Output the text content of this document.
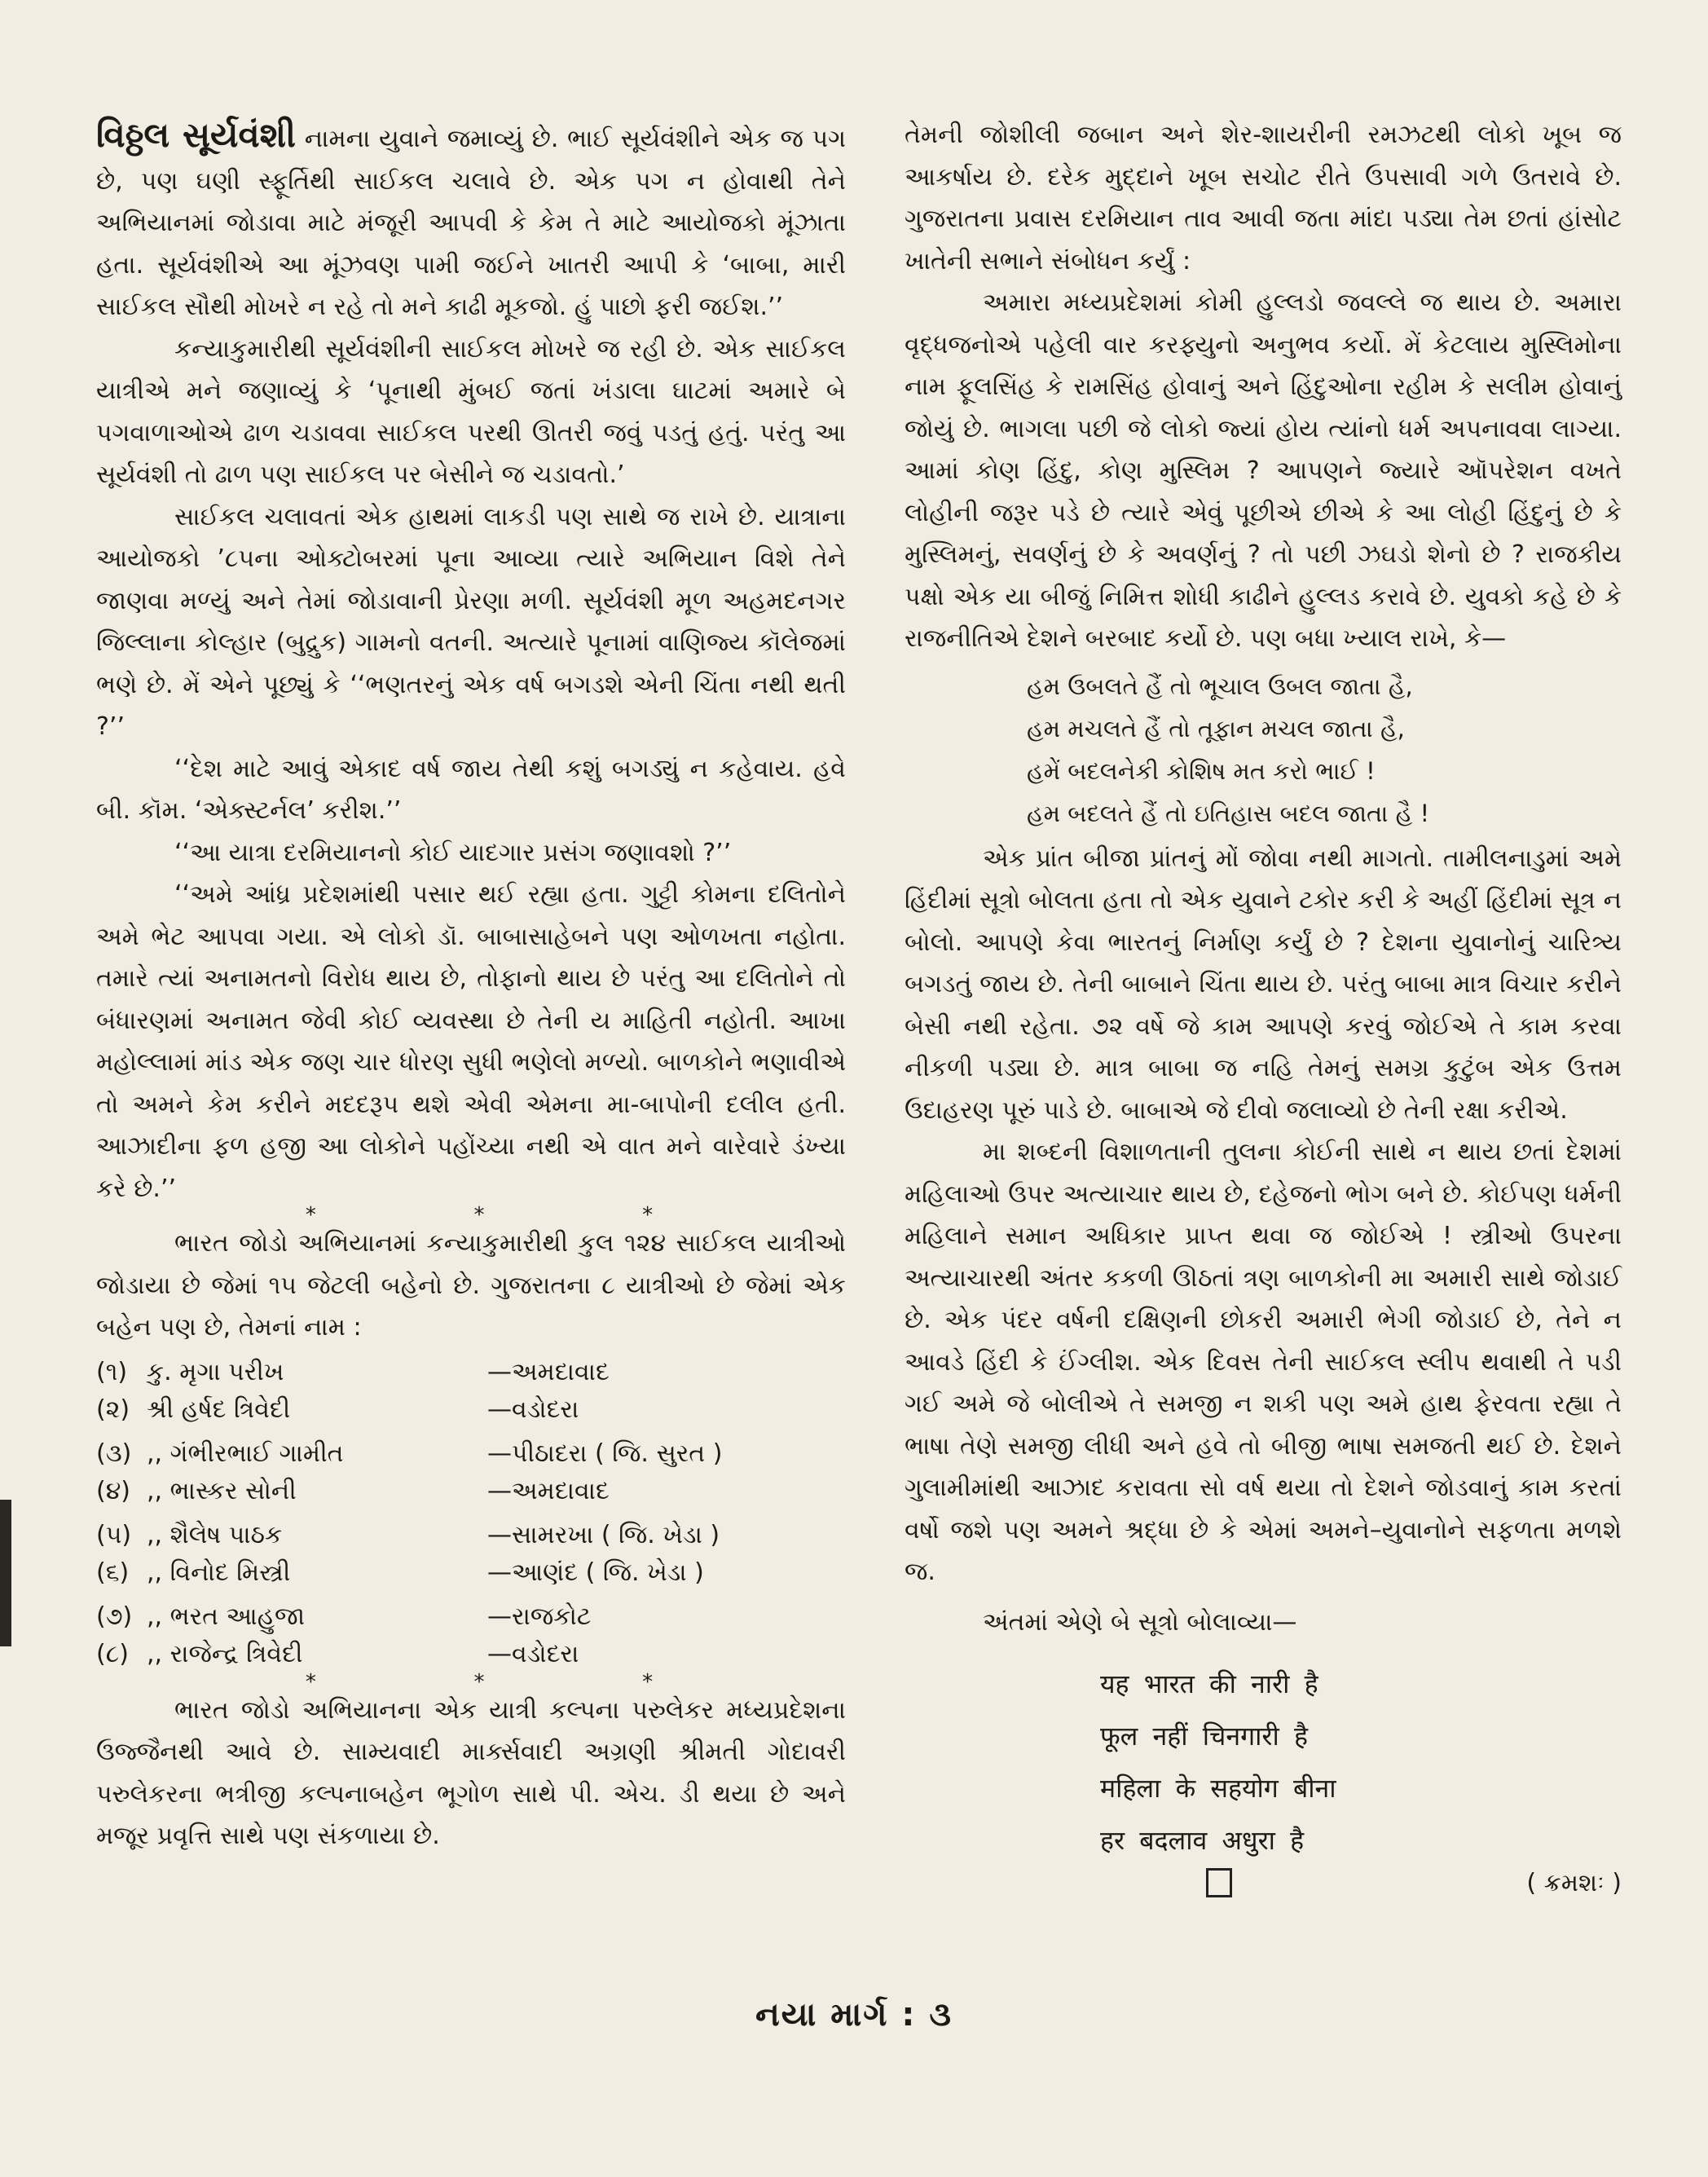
વિઠ્ઠલ સૂર્યવંશી નામના યુવાને જમાવ્યું છે. ભાઈ સૂર્યવંશીને એક જ પગ છે, પણ ઘણી સ્ફૂર્તિથી સાઈકલ ચલાવે છે. એક પગ ન હોવાથી તેને અભિયાનમાં જોડાવા માટે મંજૂરી આપવી કે કેમ તે માટે આયોજકો મૂંઝાતા હતા. સૂર્યવંશીએ આ મૂંઝવણ પામી જઈને ખાતરી આપી કે ‘બાબા, મારી સાઈકલ સૌથી મોખરે ન રહે તો મને કાઢી મૂકજો. હું પાછો ફરી જઈશ.’’

કન્યાકુમારીથી સૂર્યવંશીની સાઈકલ મોખરે જ રહી છે. એક સાઈકલ યાત્રીએ મને જણાવ્યું કે ‘પૂનાથી મુંબઈ જતાં ખંડાલા ઘાટમાં અમારે બે પગવાળાઓએ ઢાળ ચડાવવા સાઈકલ પરથી ઊતરી જવું પડતું હતું. પરંતુ આ સૂર્યવંશી તો ઢાળ પણ સાઈકલ પર બેસીને જ ચડાવતો.’

સાઈકલ ચલાવતાં એક હાથમાં લાકડી પણ સાથે જ રાખે છે. યાત્રાના આયોજકો ’૮૫ના ઓક્ટોબરમાં પૂના આવ્યા ત્યારે અભિયાન વિશે તેને જાણવા મળ્યું અને તેમાં જોડાવાની પ્રેરણા મળી. સૂર્યવંશી મૂળ અહમદનગર જિલ્લાના કોલ્હાર (બુદ્રુક) ગામનો વતની. અત્યારે પૂનામાં વાણિજ્ય કૉલેજમાં ભણે છે. મેં એને પૂછ્યું કે ‘‘ભણતરનું એક વર્ષ બગડશે એની ચિંતા નથી થતી ?’’

‘‘દેશ માટે આવું એકાદ વર્ષ જાય તેથી કશું બગડ્યું ન કહેવાય. હવે બી. કૉમ. ‘એક્સ્ટર્નલ’ કરીશ.’’

‘‘આ યાત્રા દરમિયાનનો કોઈ યાદગાર પ્રસંગ જણાવશો ?’’

‘‘અમે આંધ્ર પ્રદેશમાંથી પસાર થઈ રહ્યા હતા. ગુટ્ટી કોમના દલિતોને અમે ભેટ આપવા ગયા. એ લોકો ડૉ. બાબાસાહેબને પણ ઓળખતા નહોતા. તમારે ત્યાં અનામતનો વિરોધ થાય છે, તોફાનો થાય છે પરંતુ આ દલિતોને તો બંધારણમાં અનામત જેવી કોઈ વ્યવસ્થા છે તેની ય માહિતી નહોતી. આખા મહોલ્લામાં માંડ એક જણ ચાર ધોરણ સુધી ભણેલો મળ્યો. બાળકોને ભણાવીએ તો અમને કેમ કરીને મદદરૂપ થશે એવી એમના મા-બાપોની દલીલ હતી. આઝાદીના ફળ હજી આ લોકોને પહોંચ્યા નથી એ વાત મને વારેવારે ડંખ્યા કરે છે.’’

*	*	*

ભારત જોડો અભિયાનમાં કન્યાકુમારીથી કુલ ૧૨૪ સાઈકલ યાત્રીઓ જોડાયા છે જેમાં ૧૫ જેટલી બહેનો છે. ગુજરાતના ૮ યાત્રીઓ છે જેમાં એક બહેન પણ છે, તેમનાં નામ :

(૧) કુ. મૃગા પરીખ	—અમદાવાદ
(૨) શ્રી હર્ષદ ત્રિવેદી	—વડોદરા
(૩) ,, ગંભીરભાઈ ગામીત	—પીઠાદરા ( જિ. સુરત )
(૪) ,, ભાસ્કર સોની	—અમદાવાદ
(૫) ,, શૈલેષ પાઠક	—સામરખા ( જિ. ખેડા )
(૬) ,, વિનોદ મિસ્ત્રી	—આણંદ ( જિ. ખેડા )
(૭) ,, ભરત આહુજા	—રાજકોટ
(૮) ,, રાજેન્દ્ર ત્રિવેદી	—વડોદરા
*	*	*

ભારત જોડો અભિયાનના એક યાત્રી કલ્પના પરુલેકર મધ્યપ્રદેશના ઉજ્જૈનથી આવે છે. સામ્યવાદી માર્ક્સવાદી અગ્રણી શ્રીમતી ગોદાવરી પરુલેકરના ભત્રીજી કલ્પનાબહેન ભૂગોળ સાથે પી. એચ. ડી થયા છે અને મજૂર પ્રવૃત્તિ સાથે પણ સંકળાયા છે.

તેમની જોશીલી જબાન અને શેર-શાયરીની રમઝટથી લોકો ખૂબ જ આકર્ષાય છે. દરેક મુદ્દાને ખૂબ સચોટ રીતે ઉપસાવી ગળે ઉતરાવે છે. ગુજરાતના પ્રવાસ દરમિયાન તાવ આવી જતા માંદા પડ્યા તેમ છતાં હાંસોટ ખાતેની સભાને સંબોધન કર્યું :

અમારા મધ્યપ્રદેશમાં કોમી હુલ્લડો જવલ્લે જ થાય છે. અમારા વૃદ્ધજનોએ પહેલી વાર કરફ્યુનો અનુભવ કર્યો. મેં કેટલાય મુસ્લિમોના નામ ફૂલસિંહ કે રામસિંહ હોવાનું અને હિંદુઓના રહીમ કે સલીમ હોવાનું જોયું છે. ભાગલા પછી જે લોકો જ્યાં હોય ત્યાંનો ધર્મ અપનાવવા લાગ્યા. આમાં કોણ હિંદુ, કોણ મુસ્લિમ ? આપણને જ્યારે ઑપરેશન વખતે લોહીની જરૂર પડે છે ત્યારે એવું પૂછીએ છીએ કે આ લોહી હિંદુનું છે કે મુસ્લિમનું, સવર્ણનું છે કે અવર્ણનું ? તો પછી ઝઘડો શેનો છે ? રાજકીય પક્ષો એક યા બીજું નિમિત્ત શોધી કાઢીને હુલ્લડ કરાવે છે. યુવકો કહે છે કે રાજનીતિએ દેશને બરબાદ કર્યો છે. પણ બધા ખ્યાલ રાખે, કે—

હમ ઉબલતે હૈં તો ભૂચાલ ઉબલ જાતા હૈ,
હમ મચલતે હૈં તો તૂફાન મચલ જાતા હૈ,
હમેં બદલનેકી કોશિષ મત કરો ભાઈ !
હમ બદલતે હૈં તો ઇતિહાસ બદલ જાતા હૈ !

એક પ્રાંત બીજા પ્રાંતનું મોં જોવા નથી માગતો. તામીલનાડુમાં અમે હિંદીમાં સૂત્રો બોલતા હતા તો એક યુવાને ટકોર કરી કે અહીં હિંદીમાં સૂત્ર ન બોલો. આપણે કેવા ભારતનું નિર્માણ કર્યું છે ? દેશના યુવાનોનું ચારિત્ર્ય બગડતું જાય છે. તેની બાબાને ચિંતા થાય છે. પરંતુ બાબા માત્ર વિચાર કરીને બેસી નથી રહેતા. ૭૨ વર્ષે જે કામ આપણે કરવું જોઈએ તે કામ કરવા નીકળી પડ્યા છે. માત્ર બાબા જ નહિ તેમનું સમગ્ર કુટુંબ એક ઉત્તમ ઉદાહરણ પૂરું પાડે છે. બાબાએ જે દીવો જલાવ્યો છે તેની રક્ષા કરીએ.

મા શબ્દની વિશાળતાની તુલના કોઈની સાથે ન થાય છતાં દેશમાં મહિલાઓ ઉપર અત્યાચાર થાય છે, દહેજનો ભોગ બને છે. કોઈપણ ધર્મની મહિલાને સમાન અધિકાર પ્રાપ્ત થવા જ જોઈએ ! સ્ત્રીઓ ઉપરના અત્યાચારથી અંતર કકળી ઊઠતાં ત્રણ બાળકોની મા અમારી સાથે જોડાઈ છે. એક પંદર વર્ષની દક્ષિણની છોકરી અમારી ભેગી જોડાઈ છે, તેને ન આવડે હિંદી કે ઈંગ્લીશ. એક દિવસ તેની સાઈકલ સ્લીપ થવાથી તે પડી ગઈ અમે જે બોલીએ તે સમજી ન શકી પણ અમે હાથ ફેરવતા રહ્યા તે ભાષા તેણે સમજી લીધી અને હવે તો બીજી ભાષા સમજતી થઈ છે. દેશને ગુલામીમાંથી આઝાદ કરાવતા સો વર્ષ થયા તો દેશને જોડવાનું કામ કરતાં વર્ષો જશે પણ અમને શ્રદ્ધા છે કે એમાં અમને–યુવાનોને સફળતા મળશે જ.

અંતમાં એણે બે સૂત્રો બોલાવ્યા—

यह भारत की नारी है
फूल नहीं चिनगारी है
महिला के सहयोग बीना
हर बदलाव अधुरा है
( ક્રમશઃ )
નયા માર્ગ : ૩
